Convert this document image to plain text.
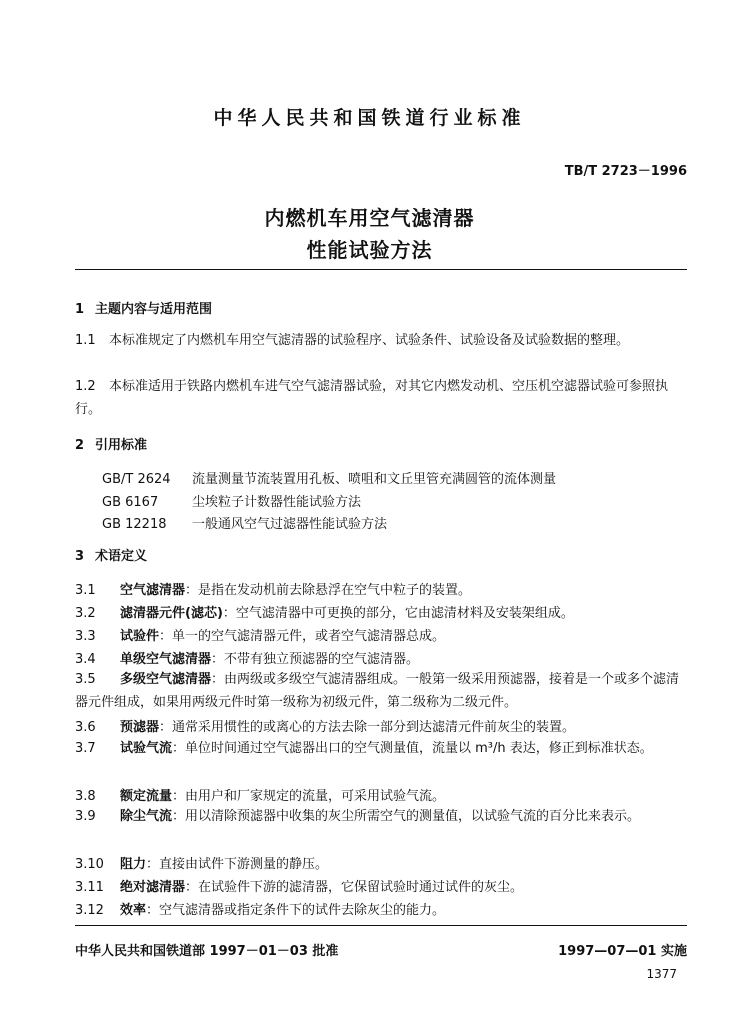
中华人民共和国铁道行业标准
TB/T 2723－1996
内燃机车用空气滤清器
性能试验方法
1 主题内容与适用范围
1.1 本标准规定了内燃机车用空气滤清器的试验程序、试验条件、试验设备及试验数据的整理。
1.2 本标准适用于铁路内燃机车进气空气滤清器试验，对其它内燃发动机、空压机空滤器试验可参照执行。
2 引用标准
GB/T 2624 流量测量节流装置用孔板、喷咀和文丘里管充满圆管的流体测量
GB 6167	尘埃粒子计数器性能试验方法
GB 12218 一般通风空气过滤器性能试验方法
3 术语定义
3.1 空气滤清器：是指在发动机前去除悬浮在空气中粒子的装置。
3.2 滤清器元件(滤芯)：空气滤清器中可更换的部分，它由滤清材料及安装架组成。
3.3 试验件：单一的空气滤清器元件，或者空气滤清器总成。
3.4 单级空气滤清器：不带有独立预滤器的空气滤清器。
3.5 多级空气滤清器：由两级或多级空气滤清器组成。一般第一级采用预滤器，接着是一个或多个滤清器元件组成，如果用两级元件时第一级称为初级元件，第二级称为二级元件。
3.6 预滤器：通常采用惯性的或离心的方法去除一部分到达滤清元件前灰尘的装置。
3.7 试验气流：单位时间通过空气滤器出口的空气测量值，流量以 m³/h 表达，修正到标准状态。
3.8 额定流量：由用户和厂家规定的流量，可采用试验气流。
3.9 除尘气流：用以清除预滤器中收集的灰尘所需空气的测量值，以试验气流的百分比来表示。
3.10 阻力：直接由试件下游测量的静压。
3.11 绝对滤清器：在试验件下游的滤清器，它保留试验时通过试件的灰尘。
3.12 效率：空气滤清器或指定条件下的试件去除灰尘的能力。
中华人民共和国铁道部 1997－01－03 批准	1997—07—01 实施
1377
